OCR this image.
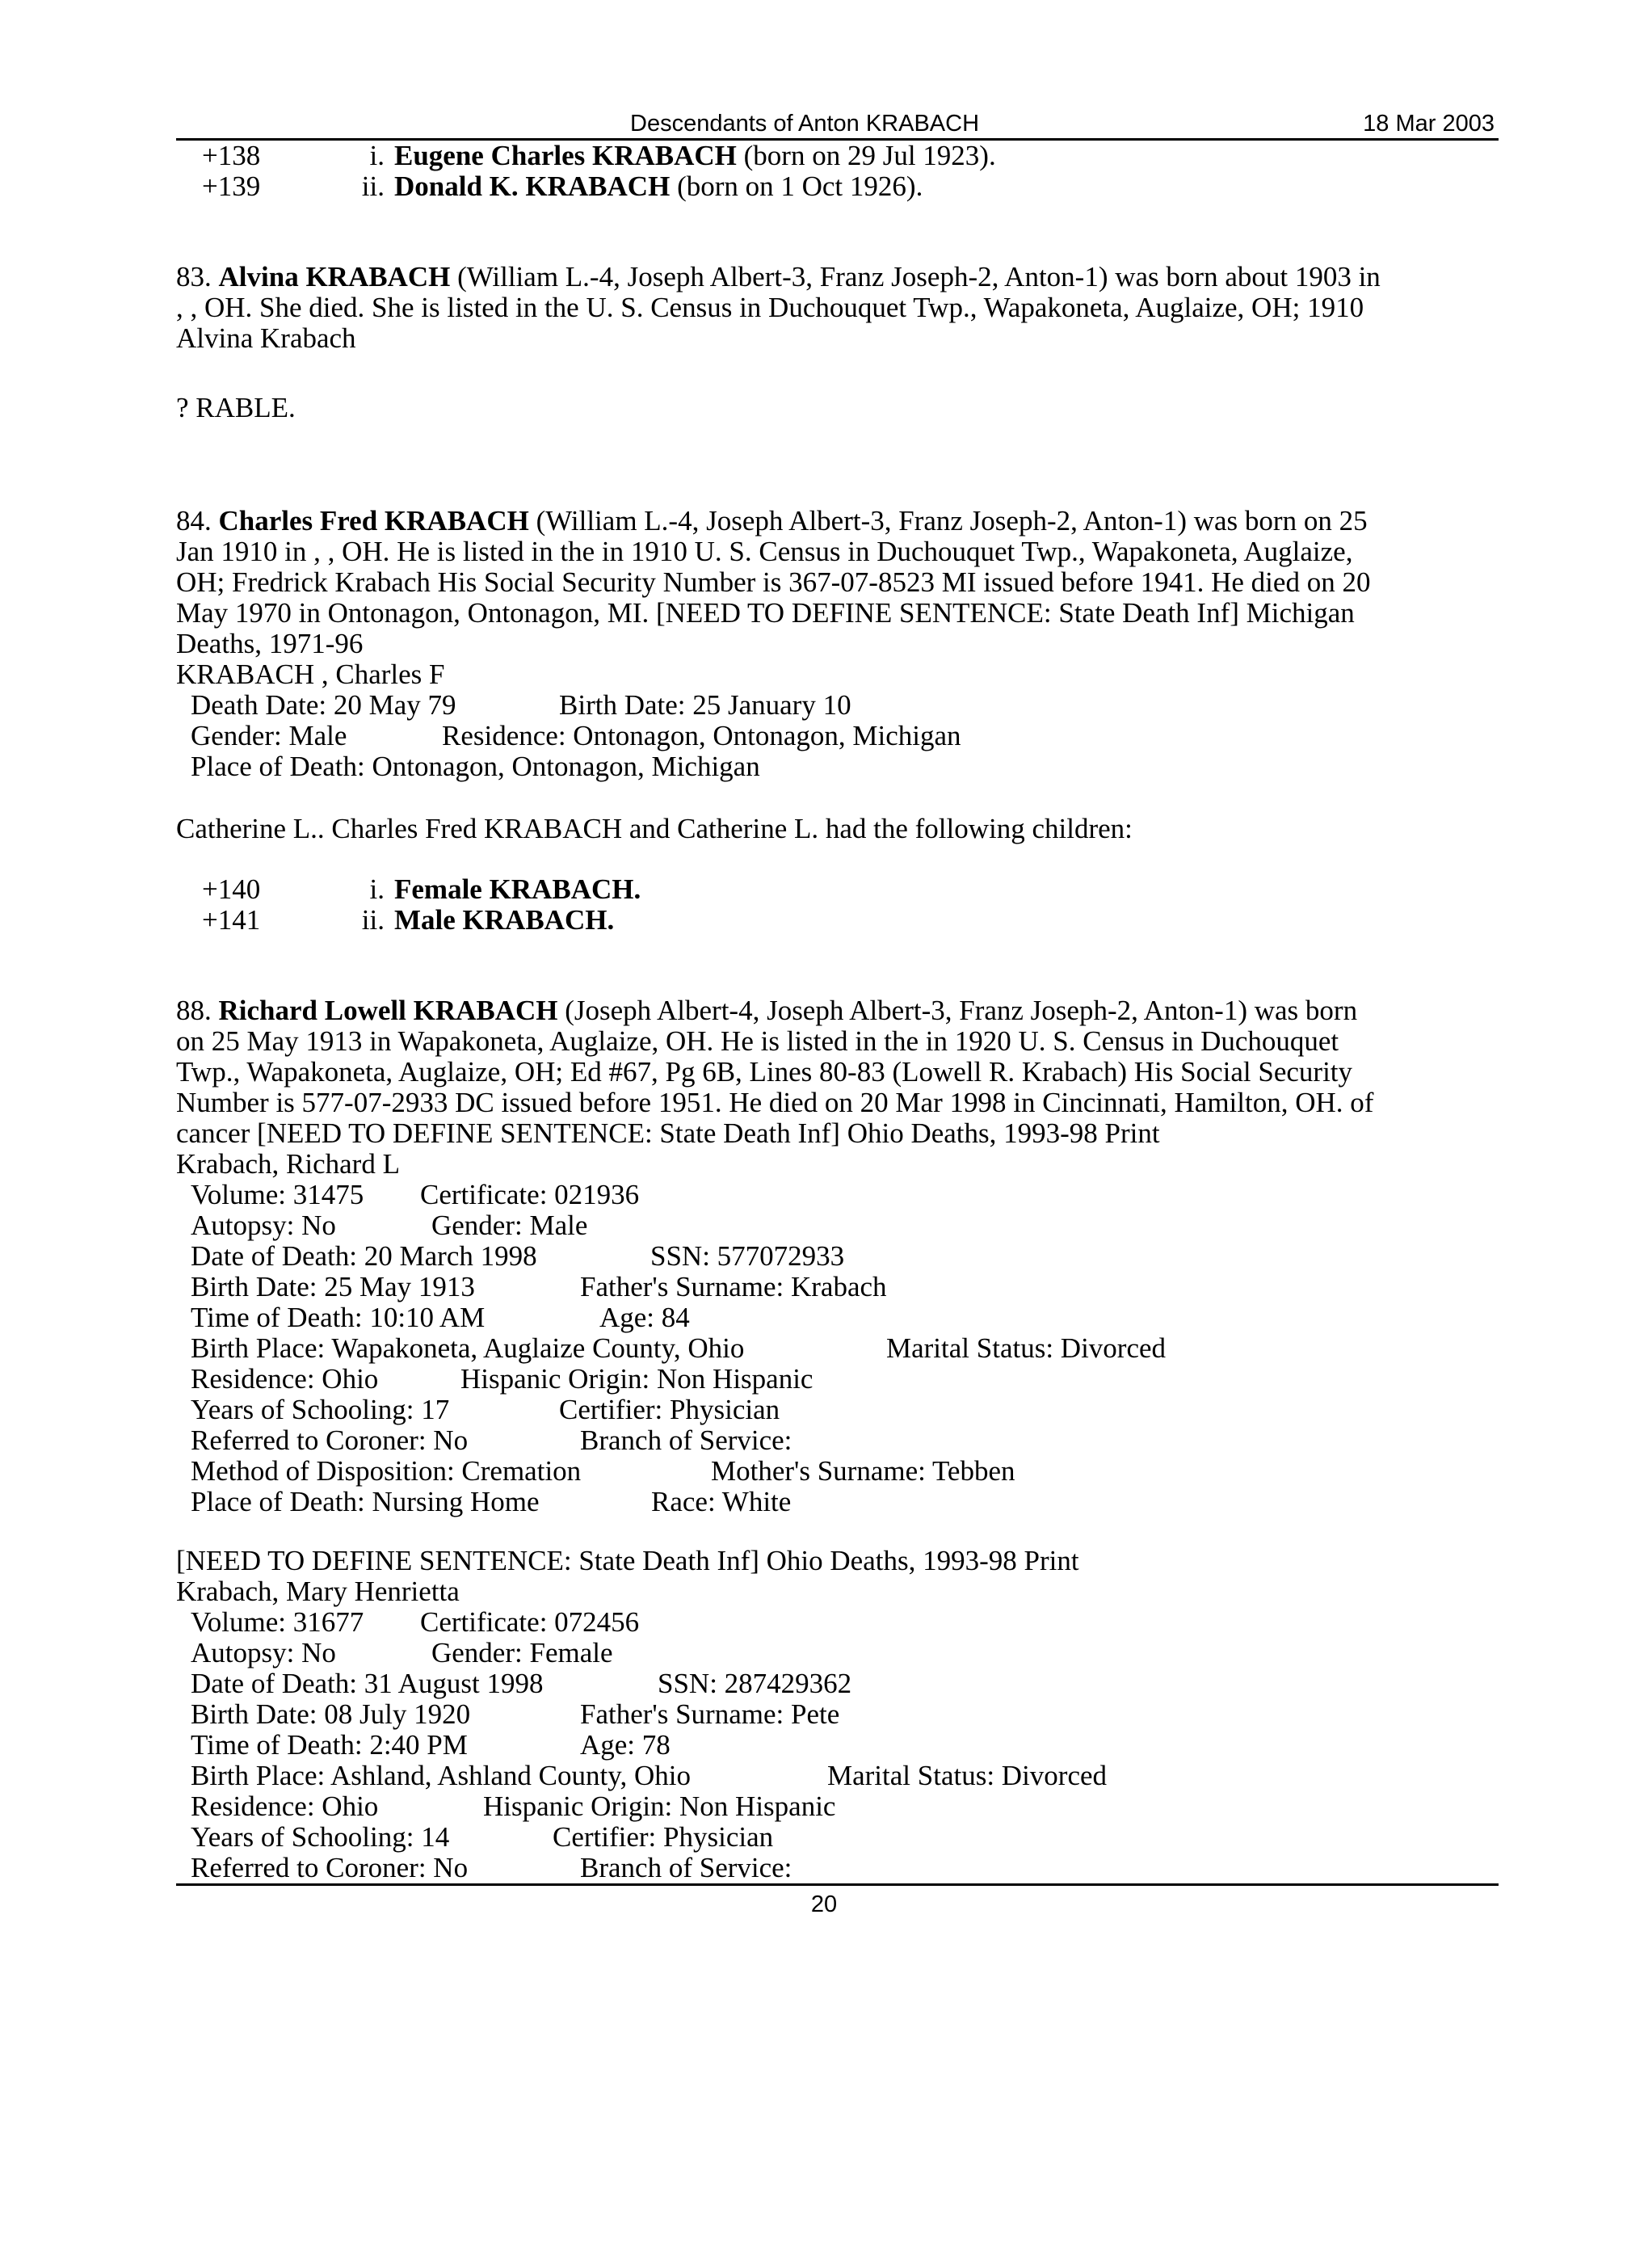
Descendants of Anton KRABACH	18 Mar 2003
+138	i. Eugene Charles KRABACH (born on 29 Jul 1923).
+139	ii. Donald K. KRABACH (born on 1 Oct 1926).
83. Alvina KRABACH (William L.-4, Joseph Albert-3, Franz Joseph-2, Anton-1) was born about 1903 in
, , OH. She died. She is listed in the U. S. Census in Duchouquet Twp., Wapakoneta, Auglaize, OH; 1910
Alvina Krabach
? RABLE.
84. Charles Fred KRABACH (William L.-4, Joseph Albert-3, Franz Joseph-2, Anton-1) was born on 25
Jan 1910 in , , OH. He is listed in the in 1910 U. S. Census in Duchouquet Twp., Wapakoneta, Auglaize,
OH; Fredrick Krabach His Social Security Number is 367-07-8523 MI issued before 1941. He died on 20
May 1970 in Ontonagon, Ontonagon, MI. [NEED TO DEFINE SENTENCE: State Death Inf] Michigan
Deaths, 1971-96
KRABACH , Charles F
Death Date: 20 May 79	Birth Date: 25 January 10
Gender: Male	Residence: Ontonagon, Ontonagon, Michigan
Place of Death: Ontonagon, Ontonagon, Michigan
Catherine L.. Charles Fred KRABACH and Catherine L. had the following children:
+140	i. Female KRABACH.
+141	ii. Male KRABACH.
88. Richard Lowell KRABACH (Joseph Albert-4, Joseph Albert-3, Franz Joseph-2, Anton-1) was born
on 25 May 1913 in Wapakoneta, Auglaize, OH. He is listed in the in 1920 U. S. Census in Duchouquet
Twp., Wapakoneta, Auglaize, OH; Ed #67, Pg 6B, Lines 80-83 (Lowell R. Krabach) His Social Security
Number is 577-07-2933 DC issued before 1951. He died on 20 Mar 1998 in Cincinnati, Hamilton, OH. of
cancer [NEED TO DEFINE SENTENCE: State Death Inf] Ohio Deaths, 1993-98 Print
Krabach, Richard L
Volume: 31475 Certificate: 021936
Autopsy: No	Gender: Male
Date of Death: 20 March 1998	SSN: 577072933
Birth Date: 25 May 1913	Father's Surname: Krabach
Time of Death: 10:10 AM	Age: 84
Birth Place: Wapakoneta, Auglaize County, Ohio	Marital Status: Divorced
Residence: Ohio	Hispanic Origin: Non Hispanic
Years of Schooling: 17	Certifier: Physician
Referred to Coroner: No	Branch of Service:
Method of Disposition: Cremation	Mother's Surname: Tebben
Place of Death: Nursing Home	Race: White
[NEED TO DEFINE SENTENCE: State Death Inf] Ohio Deaths, 1993-98 Print
Krabach, Mary Henrietta
Volume: 31677 Certificate: 072456
Autopsy: No	Gender: Female
Date of Death: 31 August 1998	SSN: 287429362
Birth Date: 08 July 1920	Father's Surname: Pete
Time of Death: 2:40 PM	Age: 78
Birth Place: Ashland, Ashland County, Ohio	Marital Status: Divorced
Residence: Ohio	Hispanic Origin: Non Hispanic
Years of Schooling: 14	Certifier: Physician
Referred to Coroner: No	Branch of Service:
20
